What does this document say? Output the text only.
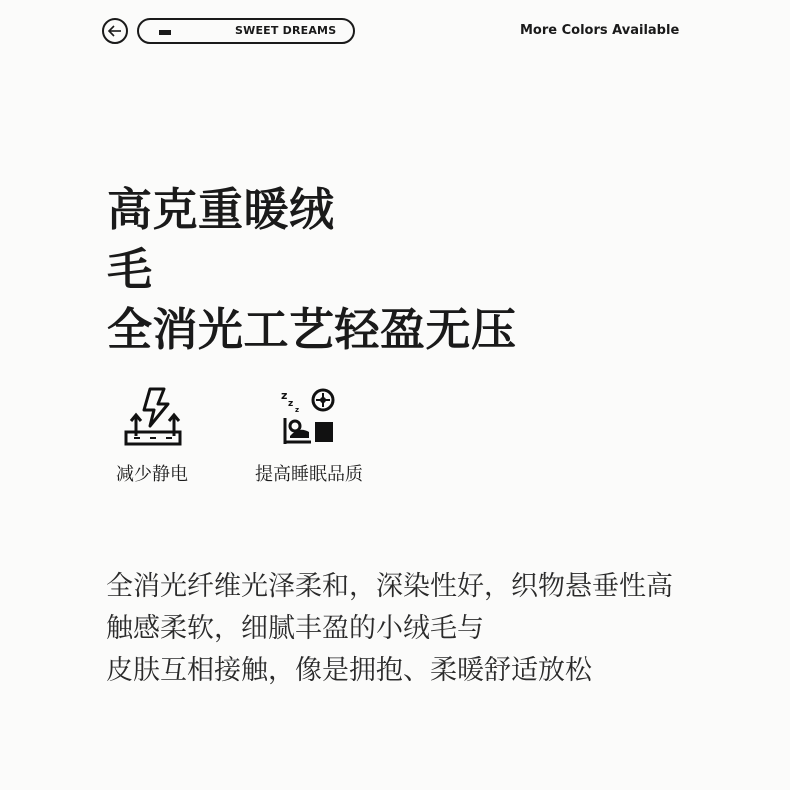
SWEET DREAMS	More Colors Available
高克重暖绒
毛
全消光工艺轻盈无压
减少静电
z
z
z
提高睡眠品质
全消光纤维光泽柔和，深染性好，织物悬垂性高
触感柔软，细腻丰盈的小绒毛与
皮肤互相接触，像是拥抱、柔暖舒适放松
